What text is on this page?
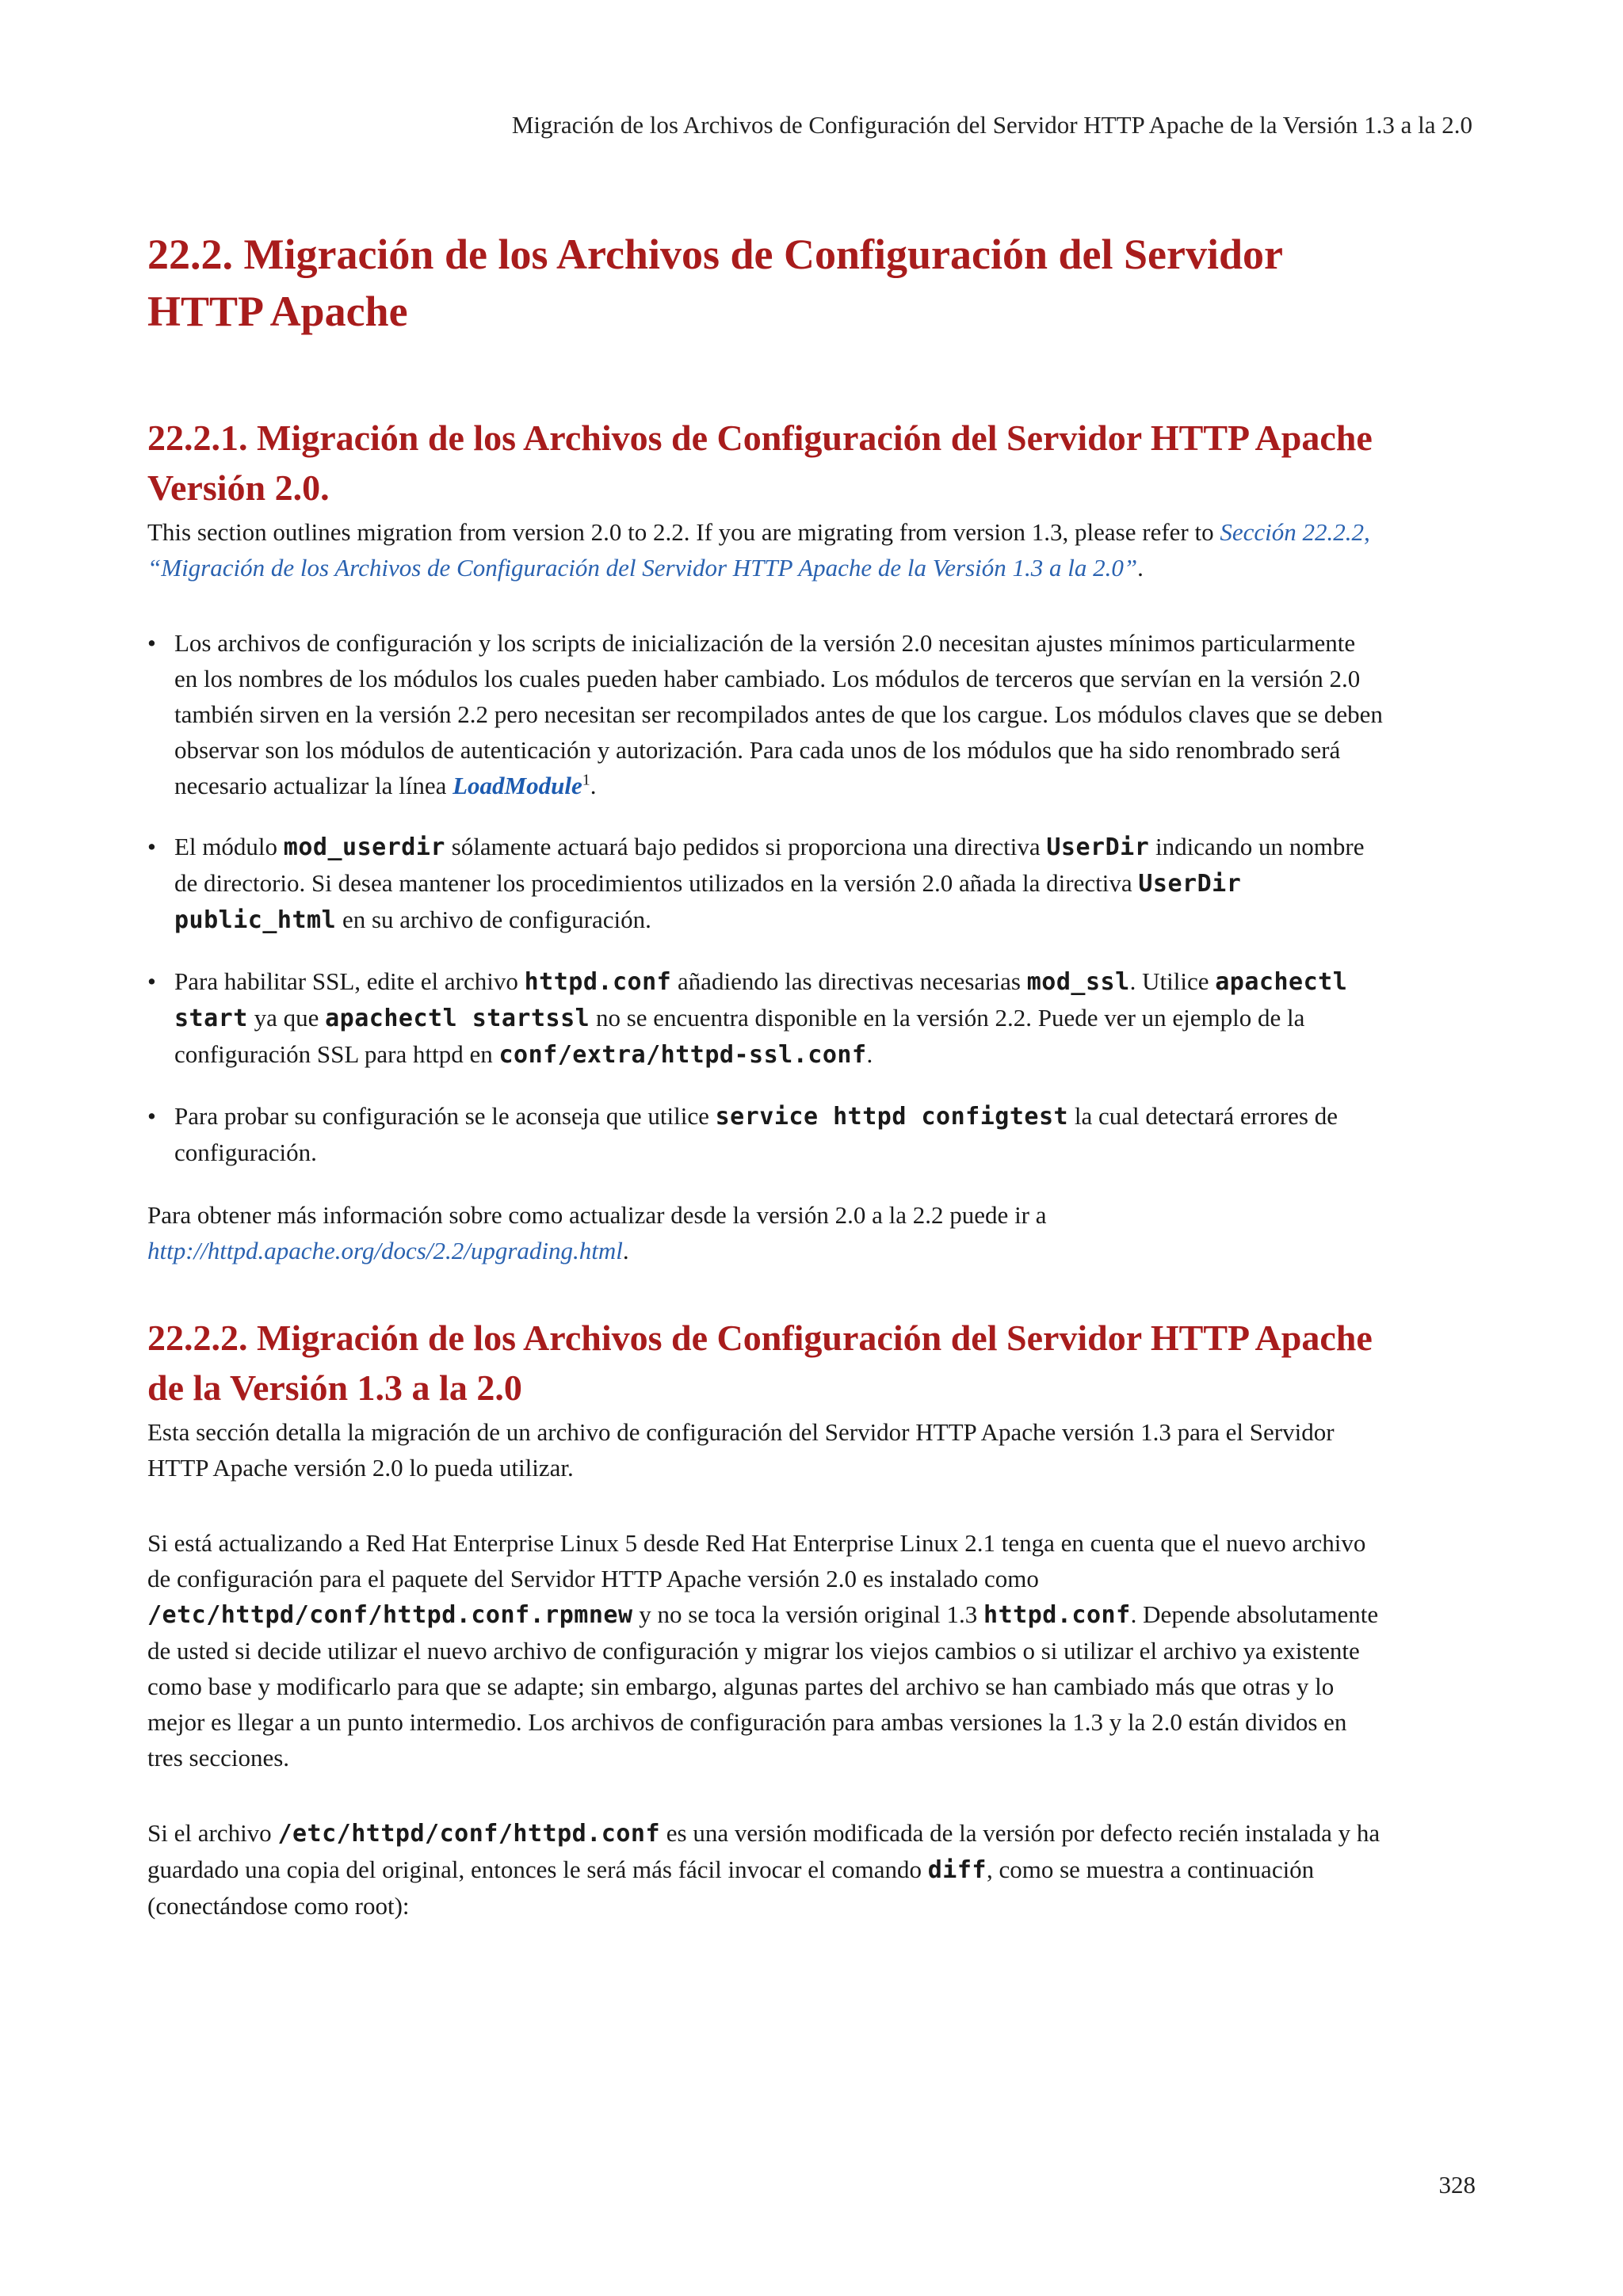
Migración de los Archivos de Configuración del Servidor HTTP Apache de la Versión 1.3 a la 2.0
22.2. Migración de los Archivos de Configuración del Servidor HTTP Apache
22.2.1. Migración de los Archivos de Configuración del Servidor HTTP Apache Versión 2.0.

This section outlines migration from version 2.0 to 2.2. If you are migrating from version 1.3, please refer to Sección 22.2.2, “Migración de los Archivos de Configuración del Servidor HTTP Apache de la Versión 1.3 a la 2.0”.

• Los archivos de configuración y los scripts de inicialización de la versión 2.0 necesitan ajustes mínimos particularmente en los nombres de los módulos los cuales pueden haber cambiado. Los módulos de terceros que servían en la versión 2.0 también sirven en la versión 2.2 pero necesitan ser recompilados antes de que los cargue. Los módulos claves que se deben observar son los módulos de autenticación y autorización. Para cada unos de los módulos que ha sido renombrado será necesario actualizar la línea LoadModule$^1$.
• El módulo mod_userdir sólamente actuará bajo pedidos si proporciona una directiva UserDir indicando un nombre de directorio. Si desea mantener los procedimientos utilizados en la versión 2.0 añada la directiva UserDir public_html en su archivo de configuración.
• Para habilitar SSL, edite el archivo httpd.conf añadiendo las directivas necesarias mod_ssl. Utilice apachectl start ya que apachectl startssl no se encuentra disponible en la versión 2.2. Puede ver un ejemplo de la configuración SSL para httpd en conf/extra/httpd-ssl.conf.
• Para probar su configuración se le aconseja que utilice service httpd configtest la cual detectará errores de configuración.

Para obtener más información sobre como actualizar desde la versión 2.0 a la 2.2 puede ir a http://httpd.apache.org/docs/2.2/upgrading.html.

22.2.2. Migración de los Archivos de Configuración del Servidor HTTP Apache de la Versión 1.3 a la 2.0

Esta sección detalla la migración de un archivo de configuración del Servidor HTTP Apache versión 1.3 para el Servidor HTTP Apache versión 2.0 lo pueda utilizar.

Si está actualizando a Red Hat Enterprise Linux 5 desde Red Hat Enterprise Linux 2.1 tenga en cuenta que el nuevo archivo de configuración para el paquete del Servidor HTTP Apache versión 2.0 es instalado como /etc/httpd/conf/httpd.conf.rpmnew y no se toca la versión original 1.3 httpd.conf. Depende absolutamente de usted si decide utilizar el nuevo archivo de configuración y migrar los viejos cambios o si utilizar el archivo ya existente como base y modificarlo para que se adapte; sin embargo, algunas partes del archivo se han cambiado más que otras y lo mejor es llegar a un punto intermedio. Los archivos de configuración para ambas versiones la 1.3 y la 2.0 están dividos en tres secciones.

Si el archivo /etc/httpd/conf/httpd.conf es una versión modificada de la versión por defecto recién instalada y ha guardado una copia del original, entonces le será más fácil invocar el comando diff, como se muestra a continuación (conectándose como root):

328
